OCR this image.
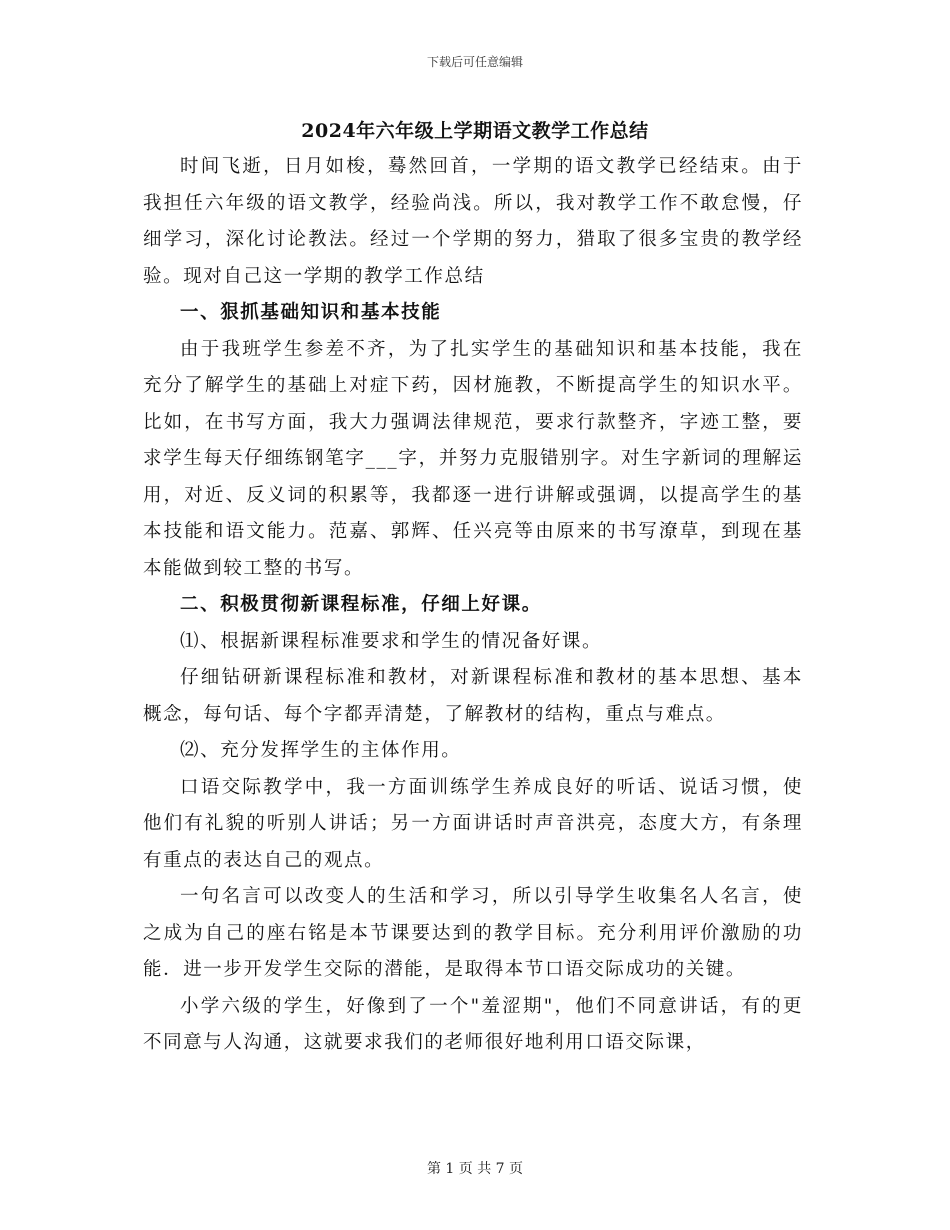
下载后可任意编辑
2024年六年级上学期语文教学工作总结

时间飞逝，日月如梭，蓦然回首，一学期的语文教学已经结束。由于我担任六年级的语文教学，经验尚浅。所以，我对教学工作不敢怠慢，仔细学习，深化讨论教法。经过一个学期的努力，猎取了很多宝贵的教学经验。现对自己这一学期的教学工作总结

一、狠抓基础知识和基本技能

由于我班学生参差不齐，为了扎实学生的基础知识和基本技能，我在充分了解学生的基础上对症下药，因材施教，不断提高学生的知识水平。比如，在书写方面，我大力强调法律规范，要求行款整齐，字迹工整，要求学生每天仔细练钢笔字___字，并努力克服错别字。对生字新词的理解运用，对近、反义词的积累等，我都逐一进行讲解或强调，以提高学生的基本技能和语文能力。范嘉、郭辉、任兴亮等由原来的书写潦草，到现在基本能做到较工整的书写。

二、积极贯彻新课程标准，仔细上好课。

⑴、根据新课程标准要求和学生的情况备好课。

仔细钻研新课程标准和教材，对新课程标准和教材的基本思想、基本概念，每句话、每个字都弄清楚，了解教材的结构，重点与难点。

⑵、充分发挥学生的主体作用。

口语交际教学中，我一方面训练学生养成良好的听话、说话习惯，使他们有礼貌的听别人讲话；另一方面讲话时声音洪亮，态度大方，有条理有重点的表达自己的观点。

一句名言可以改变人的生活和学习，所以引导学生收集名人名言，使之成为自己的座右铭是本节课要达到的教学目标。充分利用评价激励的功能．进一步开发学生交际的潜能，是取得本节口语交际成功的关键。

小学六级的学生，好像到了一个"羞涩期"，他们不同意讲话，有的更不同意与人沟通，这就要求我们的老师很好地利用口语交际课，

第 1 页 共 7 页
